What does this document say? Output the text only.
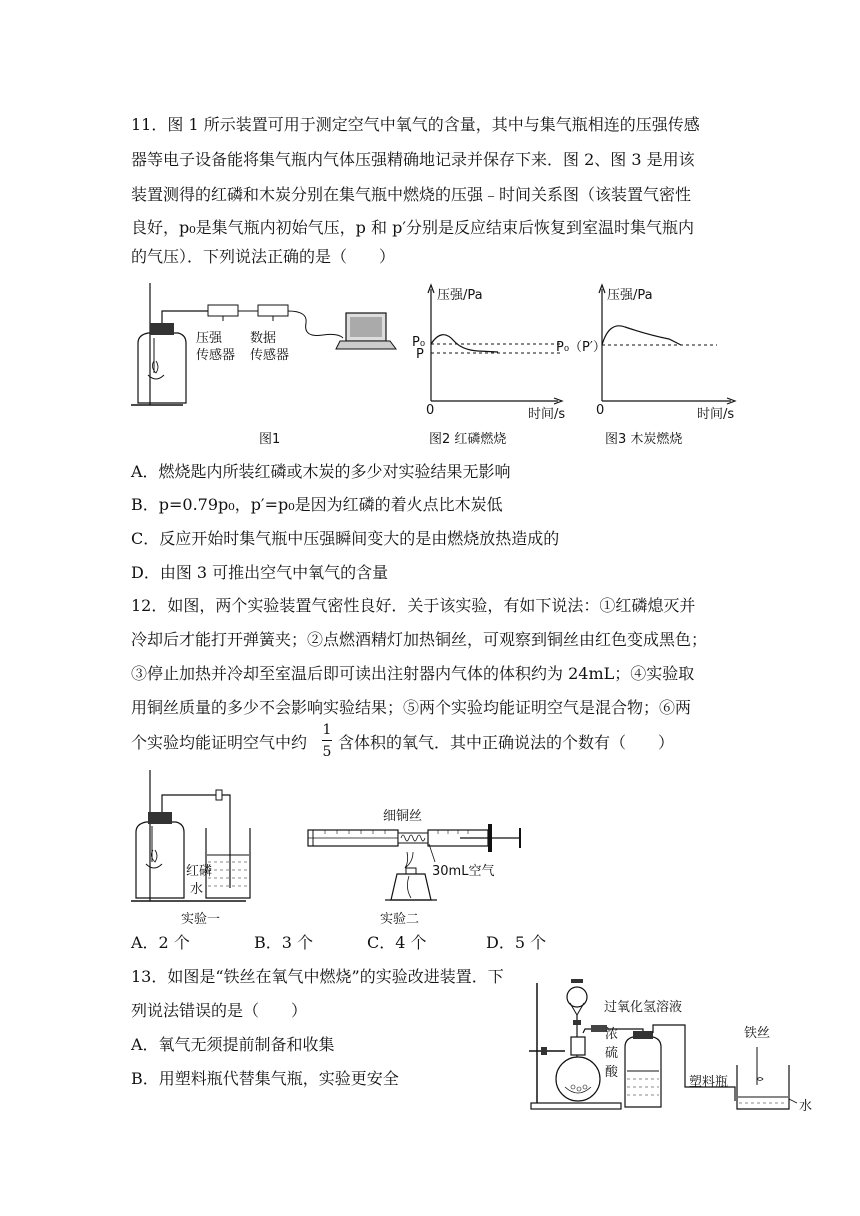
11．图 1 所示装置可用于测定空气中氧气的含量，其中与集气瓶相连的压强传感
器等电子设备能将集气瓶内气体压强精确地记录并保存下来．图 2、图 3 是用该
装置测得的红磷和木炭分别在集气瓶中燃烧的压强﹣时间关系图（该装置气密性
良好，p₀是集气瓶内初始气压，p 和 p′分别是反应结束后恢复到室温时集气瓶内
的气压）．下列说法正确的是（　　）
压强
传感器
数据
传感器
图1
压强/Pa
P₀
P
0	时间/s
图2 红磷燃烧
压强/Pa
P₀（P′）
0	时间/s
图3 木炭燃烧
A．燃烧匙内所装红磷或木炭的多少对实验结果无影响
B．p=0.79p₀，p′=p₀是因为红磷的着火点比木炭低
C．反应开始时集气瓶中压强瞬间变大的是由燃烧放热造成的
D．由图 3 可推出空气中氧气的含量
12．如图，两个实验装置气密性良好．关于该实验，有如下说法：①红磷熄灭并
冷却后才能打开弹簧夹；②点燃酒精灯加热铜丝，可观察到铜丝由红色变成黑色；
③停止加热并冷却至室温后即可读出注射器内气体的体积约为 24mL；④实验取
用铜丝质量的多少不会影响实验结果；⑤两个实验均能证明空气是混合物；⑥两
个实验均能证明空气中约
1
5 含体积的氧气．其中正确说法的个数有（　　）
红磷
水
实验一
细铜丝
30mL空气
实验二
A．2 个	B．3 个	C．4 个	D．5 个
13．如图是“铁丝在氧气中燃烧”的实验改进装置．下
列说法错误的是（　　）
A．氧气无须提前制备和收集
B．用塑料瓶代替集气瓶，实验更安全
过氧化氢溶液
浓
硫
酸
塑料瓶
铁丝
水
